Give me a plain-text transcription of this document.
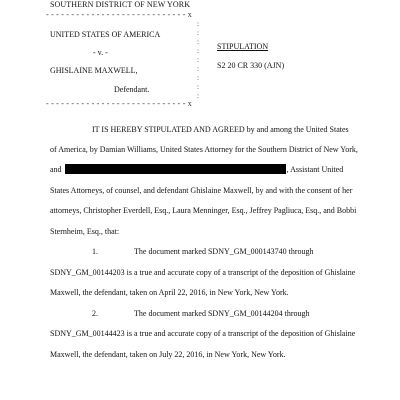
SOUTHERN DISTRICT OF NEW YORK
- - - - - - - - - - - - - - - - - - - - - - - - - - - - x
:
:
:
:
:
:
:
:
:
UNITED STATES OF AMERICA
- v. -
GHISLAINE MAXWELL,
Defendant.
STIPULATION
S2 20 CR 330 (AJN)
- - - - - - - - - - - - - - - - - - - - - - - - - - - - x
IT IS HEREBY STIPULATED AND AGREED by and among the United States
of America, by Damian Williams, United States Attorney for the Southern District of New York,
and	, Assistant United
States Attorneys, of counsel, and defendant Ghislaine Maxwell, by and with the consent of her
attorneys, Christopher Everdell, Esq., Laura Menninger, Esq., Jeffrey Pagliuca, Esq., and Bobbi
Sternheim, Esq., that:
1.	The document marked SDNY_GM_000143740 through
SDNY_GM_00144203 is a true and accurate copy of a transcript of the deposition of Ghislaine
Maxwell, the defendant, taken on April 22, 2016, in New York, New York.
2.	The document marked SDNY_GM_00144204 through
SDNY_GM_00144423 is a true and accurate copy of a transcript of the deposition of Ghislaine
Maxwell, the defendant, taken on July 22, 2016, in New York, New York.
